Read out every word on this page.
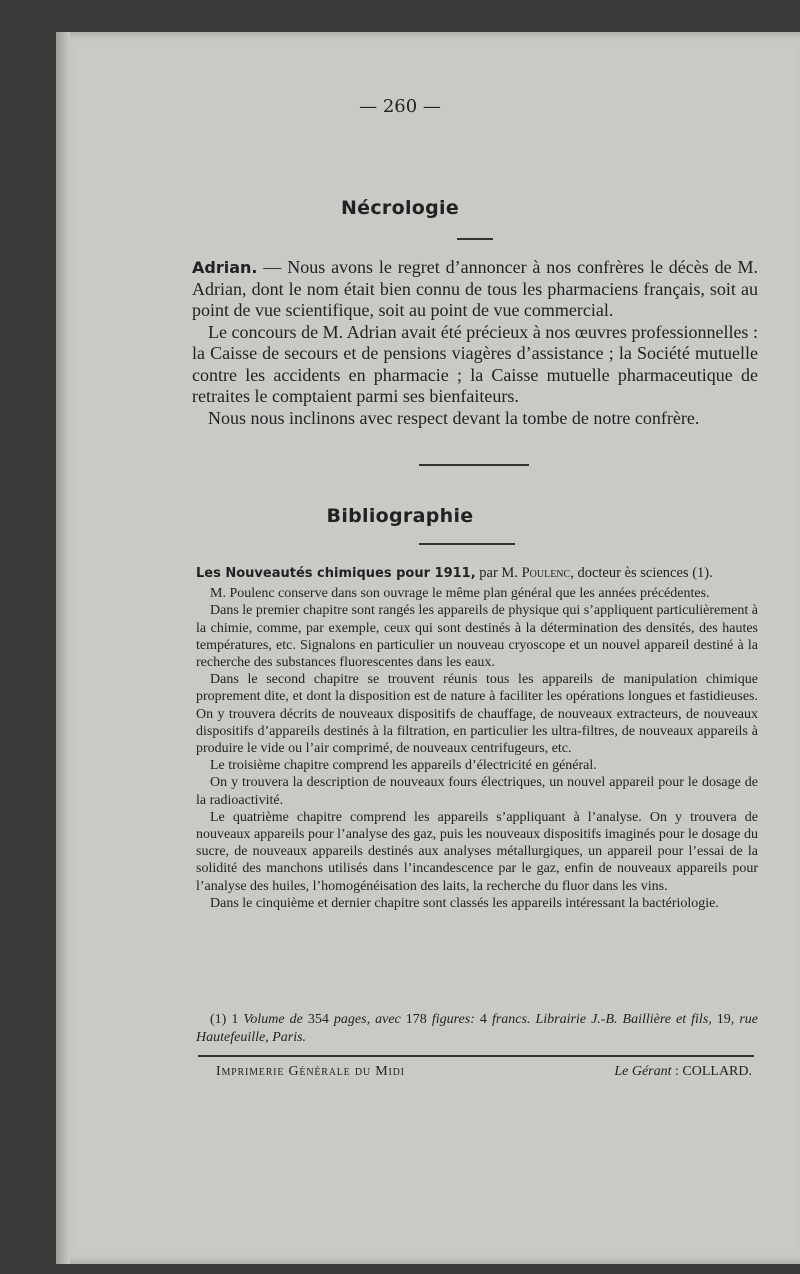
— 260 —
Nécrologie

Adrian. — Nous avons le regret d’annoncer à nos confrères le décès de M. Adrian, dont le nom était bien connu de tous les pharmaciens français, soit au point de vue scientifique, soit au point de vue commercial.

Le concours de M. Adrian avait été précieux à nos œuvres professionnelles : la Caisse de secours et de pensions viagères d’assistance ; la Société mutuelle contre les accidents en pharmacie ; la Caisse mutuelle pharmaceutique de retraites le comptaient parmi ses bienfaiteurs.

Nous nous inclinons avec respect devant la tombe de notre confrère.

Bibliographie

Les Nouveautés chimiques pour 1911, par M. Poulenc, docteur ès sciences (1).

M. Poulenc conserve dans son ouvrage le même plan général que les années précédentes.

Dans le premier chapitre sont rangés les appareils de physique qui s’appliquent particulièrement à la chimie, comme, par exemple, ceux qui sont destinés à la détermination des densités, des hautes températures, etc. Signalons en particulier un nouveau cryoscope et un nouvel appareil destiné à la recherche des substances fluorescentes dans les eaux.

Dans le second chapitre se trouvent réunis tous les appareils de manipulation chimique proprement dite, et dont la disposition est de nature à faciliter les opérations longues et fastidieuses. On y trouvera décrits de nouveaux dispositifs de chauffage, de nouveaux extracteurs, de nouveaux dispositifs d’appareils destinés à la filtration, en particulier les ultra-filtres, de nouveaux appareils à produire le vide ou l’air comprimé, de nouveaux centrifugeurs, etc.

Le troisième chapitre comprend les appareils d’électricité en général.

On y trouvera la description de nouveaux fours électriques, un nouvel appareil pour le dosage de la radioactivité.

Le quatrième chapitre comprend les appareils s’appliquant à l’analyse. On y trouvera de nouveaux appareils pour l’analyse des gaz, puis les nouveaux dispositifs imaginés pour le dosage du sucre, de nouveaux appareils destinés aux analyses métallurgiques, un appareil pour l’essai de la solidité des manchons utilisés dans l’incandescence par le gaz, enfin de nouveaux appareils pour l’analyse des huiles, l’homogénéisation des laits, la recherche du fluor dans les vins.

Dans le cinquième et dernier chapitre sont classés les appareils intéressant la bactériologie.

(1) 1 Volume de 354 pages, avec 178 figures: 4 francs. Librairie J.-B. Baillière et fils, 19, rue Hautefeuille, Paris.
Imprimerie Générale du Midi	Le Gérant : COLLARD.
